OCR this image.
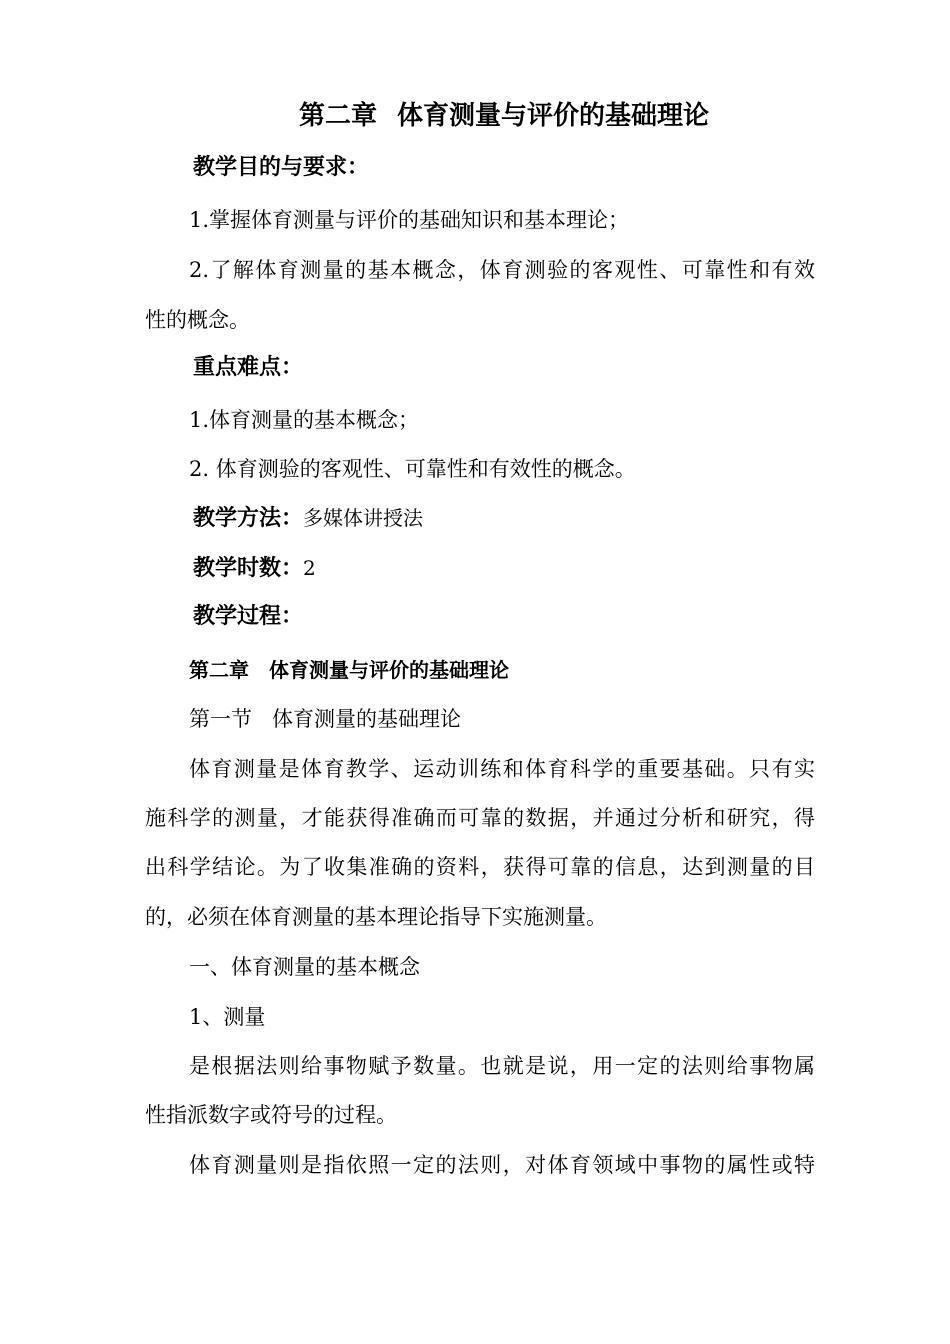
第二章 体育测量与评价的基础理论
教学目的与要求：
1.掌握体育测量与评价的基础知识和基本理论；
2.了解体育测量的基本概念，体育测验的客观性、可靠性和有效
性的概念。
重点难点：
1.体育测量的基本概念；
2. 体育测验的客观性、可靠性和有效性的概念。
教学方法：多媒体讲授法
教学时数：2
教学过程：
第二章 体育测量与评价的基础理论
第一节 体育测量的基础理论
体育测量是体育教学、运动训练和体育科学的重要基础。只有实
施科学的测量，才能获得准确而可靠的数据，并通过分析和研究，得
出科学结论。为了收集准确的资料，获得可靠的信息，达到测量的目
的，必须在体育测量的基本理论指导下实施测量。
一、体育测量的基本概念
1、测量
是根据法则给事物赋予数量。也就是说，用一定的法则给事物属
性指派数字或符号的过程。
体育测量则是指依照一定的法则，对体育领域中事物的属性或特
